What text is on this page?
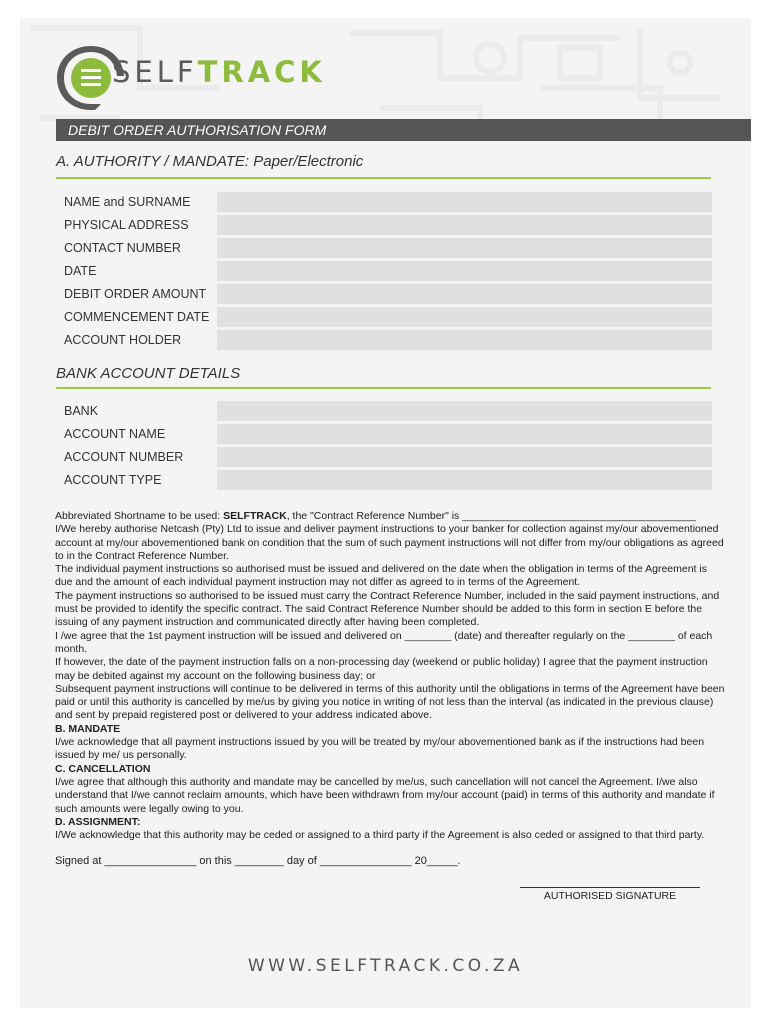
SELFTRACK
DEBIT ORDER AUTHORISATION FORM
A. AUTHORITY / MANDATE: Paper/Electronic
NAME and SURNAME
PHYSICAL ADDRESS
CONTACT NUMBER
DATE
DEBIT ORDER AMOUNT
COMMENCEMENT DATE
ACCOUNT HOLDER
BANK ACCOUNT DETAILS
BANK
ACCOUNT NAME
ACCOUNT NUMBER
ACCOUNT TYPE

Abbreviated Shortname to be used: SELFTRACK, the "Contract Reference Number" is ________________________________________

I/We hereby authorise Netcash (Pty) Ltd to issue and deliver payment instructions to your banker for collection against my/our abovementioned account at my/our abovementioned bank on condition that the sum of such payment instructions will not differ from my/our obligations as agreed to in the Contract Reference Number.

The individual payment instructions so authorised must be issued and delivered on the date when the obligation in terms of the Agreement is due and the amount of each individual payment instruction may not differ as agreed to in terms of the Agreement.

The payment instructions so authorised to be issued must carry the Contract Reference Number, included in the said payment instructions, and must be provided to identify the specific contract. The said Contract Reference Number should be added to this form in section E before the issuing of any payment instruction and communicated directly after having been completed.

I /we agree that the 1st payment instruction will be issued and delivered on ________ (date) and thereafter regularly on the ________ of each month.

If however, the date of the payment instruction falls on a non-processing day (weekend or public holiday) I agree that the payment instruction may be debited against my account on the following business day; or

Subsequent payment instructions will continue to be delivered in terms of this authority until the obligations in terms of the Agreement have been paid or until this authority is cancelled by me/us by giving you notice in writing of not less than the interval (as indicated in the previous clause) and sent by prepaid registered post or delivered to your address indicated above.

B. MANDATE

I/we acknowledge that all payment instructions issued by you will be treated by my/our abovementioned bank as if the instructions had been issued by me/ us personally.

C. CANCELLATION

I/we agree that although this authority and mandate may be cancelled by me/us, such cancellation will not cancel the Agreement. I/we also understand that I/we cannot reclaim amounts, which have been withdrawn from my/our account (paid) in terms of this authority and mandate if such amounts were legally owing to you.

D. ASSIGNMENT:

I/We acknowledge that this authority may be ceded or assigned to a third party if the Agreement is also ceded or assigned to that third party.

Signed at _______________ on this ________ day of _______________ 20_____.

AUTHORISED SIGNATURE
WWW.SELFTRACK.CO.ZA
